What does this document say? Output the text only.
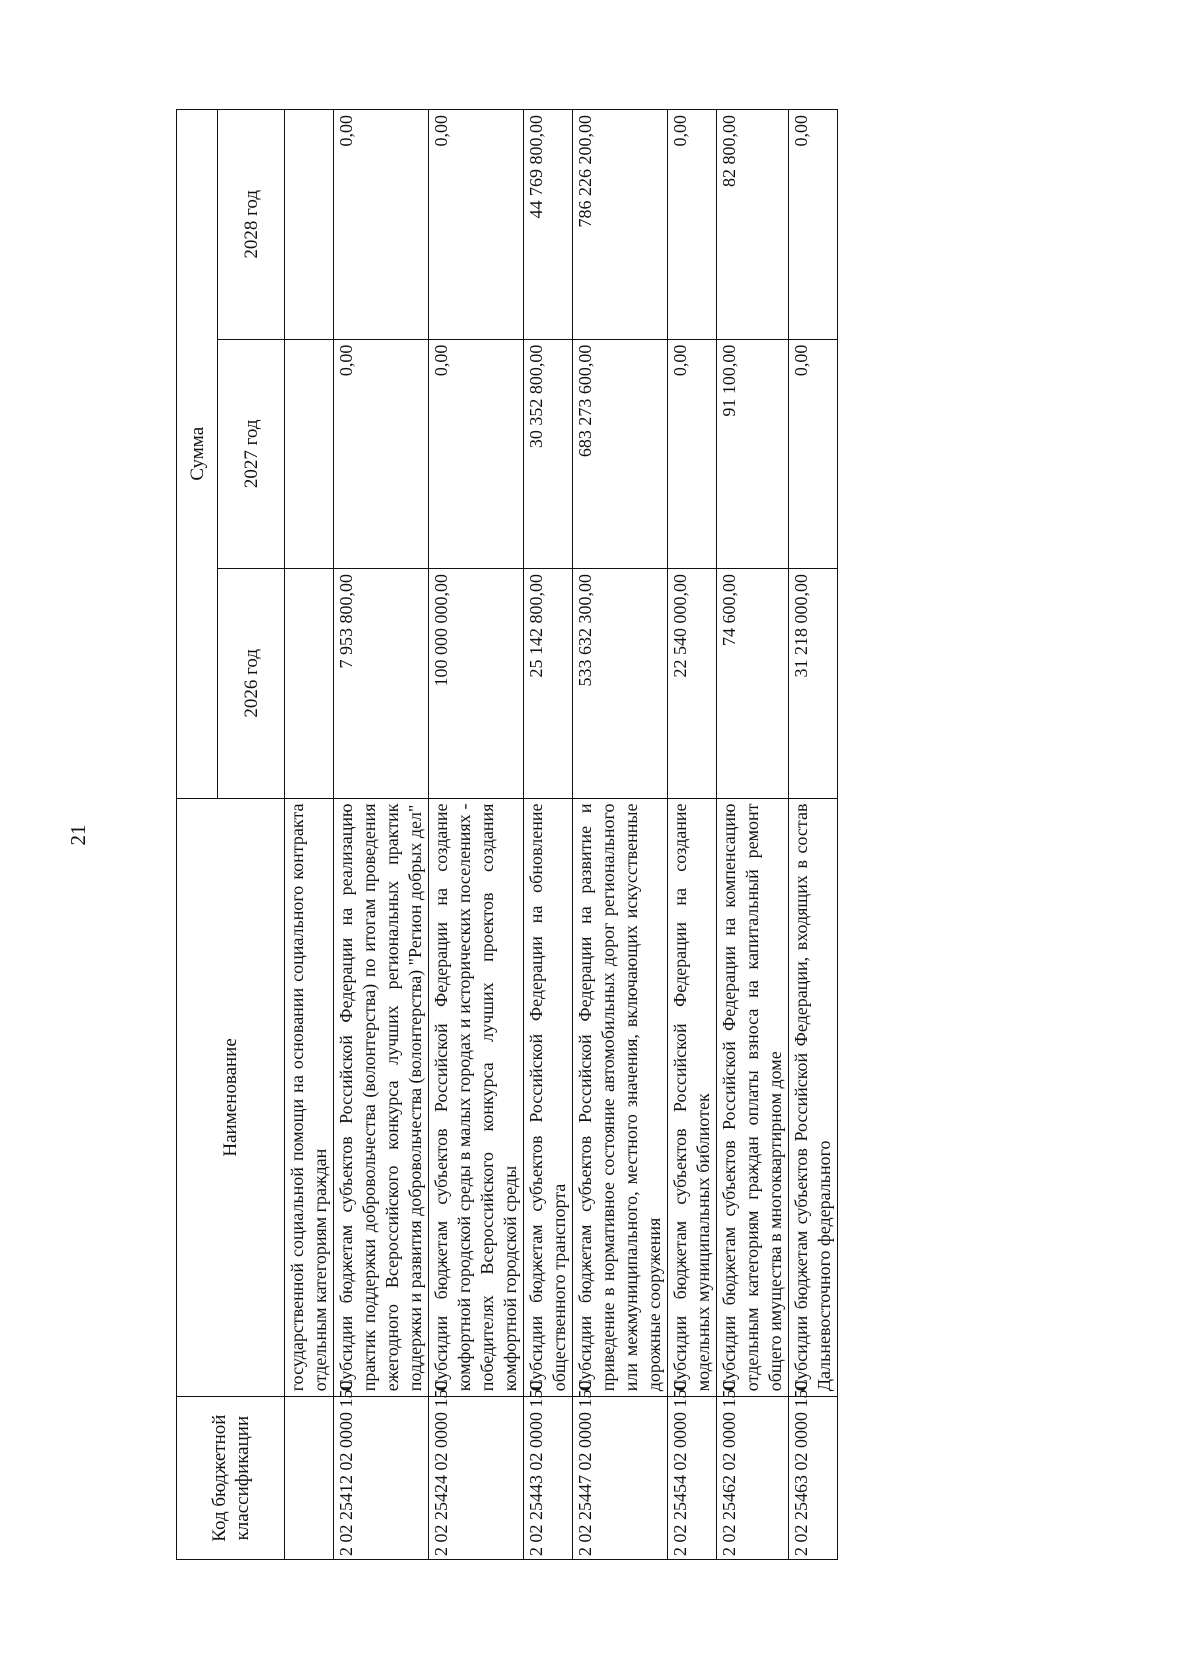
21
Код бюджетной классификации	Наименование	Сумма		
		2026 год	2027 год	2028 год
	государственной социальной помощи на основании социального контракта отдельным категориям граждан			
2 02 25412 02 0000 150	Субсидии бюджетам субъектов Российской Федерации на реализацию практик поддержки добровольчества (волонтерства) по итогам проведения ежегодного Всероссийского конкурса лучших региональных практик поддержки и развития добровольчества (волонтерства) "Регион добрых дел"	7 953 800,00	0,00	0,00
2 02 25424 02 0000 150	Субсидии бюджетам субъектов Российской Федерации на создание комфортной городской среды в малых городах и исторических поселениях - победителях Всероссийского конкурса лучших проектов создания комфортной городской среды	100 000 000,00	0,00	0,00
2 02 25443 02 0000 150	Субсидии бюджетам субъектов Российской Федерации на обновление общественного транспорта	25 142 800,00	30 352 800,00	44 769 800,00
2 02 25447 02 0000 150	Субсидии бюджетам субъектов Российской Федерации на развитие и приведение в нормативное состояние автомобильных дорог регионального или межмуниципального, местного значения, включающих искусственные дорожные сооружения	533 632 300,00	683 273 600,00	786 226 200,00
2 02 25454 02 0000 150	Субсидии бюджетам субъектов Российской Федерации на создание модельных муниципальных библиотек	22 540 000,00	0,00	0,00
2 02 25462 02 0000 150	Субсидии бюджетам субъектов Российской Федерации на компенсацию отдельным категориям граждан оплаты взноса на капитальный ремонт общего имущества в многоквартирном доме	74 600,00	91 100,00	82 800,00
2 02 25463 02 0000 150	Субсидии бюджетам субъектов Российской Федерации, входящих в состав Дальневосточного федерального	31 218 000,00	0,00	0,00
